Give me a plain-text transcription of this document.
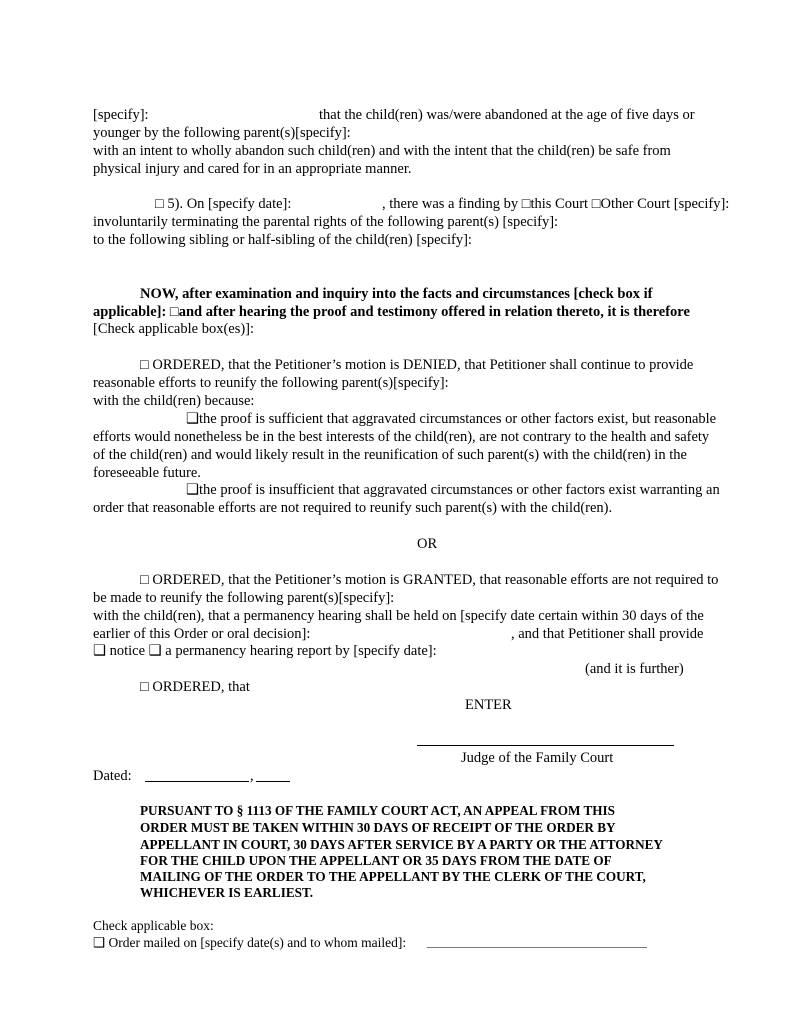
[specify]:	that the child(ren) was/were abandoned at the age of five days or
younger by the following parent(s)[specify]:
with an intent to wholly abandon such child(ren) and with the intent that the child(ren) be safe from
physical injury and cared for in an appropriate manner.
□ 5). On [specify date]:	, there was a finding by □this Court □Other Court [specify]:
involuntarily terminating the parental rights of the following parent(s) [specify]:
to the following sibling or half-sibling of the child(ren) [specify]:
NOW, after examination and inquiry into the facts and circumstances [check box if
applicable]: □and after hearing the proof and testimony offered in relation thereto, it is therefore
[Check applicable box(es)]:
□ ORDERED, that the Petitioner’s motion is DENIED, that Petitioner shall continue to provide
reasonable efforts to reunify the following parent(s)[specify]:
with the child(ren) because:
❑the proof is sufficient that aggravated circumstances or other factors exist, but reasonable
efforts would nonetheless be in the best interests of the child(ren), are not contrary to the health and safety
of the child(ren) and would likely result in the reunification of such parent(s) with the child(ren) in the
foreseeable future.
❑the proof is insufficient that aggravated circumstances or other factors exist warranting an
order that reasonable efforts are not required to reunify such parent(s) with the child(ren).
OR
□ ORDERED, that the Petitioner’s motion is GRANTED, that reasonable efforts are not required to
be made to reunify the following parent(s)[specify]:
with the child(ren), that a permanency hearing shall be held on [specify date certain within 30 days of the
earlier of this Order or oral decision]:	, and that Petitioner shall provide
❑ notice ❑ a permanency hearing report by [specify date]:
(and it is further)
□ ORDERED, that
ENTER
Judge of the Family Court
Dated:	,
PURSUANT TO § 1113 OF THE FAMILY COURT ACT, AN APPEAL FROM THIS
ORDER MUST BE TAKEN WITHIN 30 DAYS OF RECEIPT OF THE ORDER BY
APPELLANT IN COURT, 30 DAYS AFTER SERVICE BY A PARTY OR THE ATTORNEY
FOR THE CHILD UPON THE APPELLANT OR 35 DAYS FROM THE DATE OF
MAILING OF THE ORDER TO THE APPELLANT BY THE CLERK OF THE COURT,
WHICHEVER IS EARLIEST.
Check applicable box:
❑ Order mailed on [specify date(s) and to whom mailed]:
